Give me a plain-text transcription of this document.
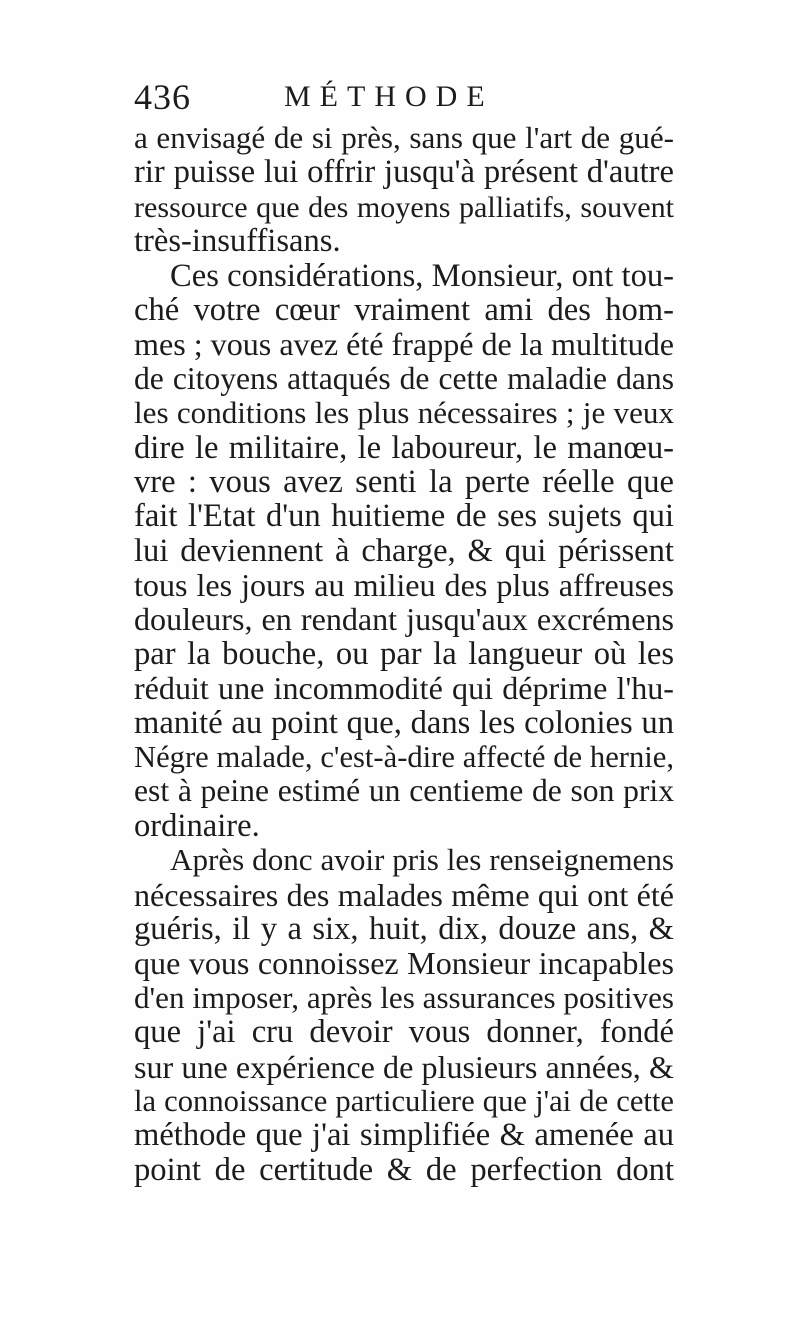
436	MÉTHODE
a envisagé de si près, sans que l'art de gué-
rir puisse lui offrir jusqu'à présent d'autre
ressource que des moyens palliatifs, souvent
très-insuffisans.
Ces considérations, Monsieur, ont tou-
ché votre cœur vraiment ami des hom-
mes ; vous avez été frappé de la multitude
de citoyens attaqués de cette maladie dans
les conditions les plus nécessaires ; je veux
dire le militaire, le laboureur, le manœu-
vre : vous avez senti la perte réelle que
fait l'Etat d'un huitieme de ses sujets qui
lui deviennent à charge, & qui périssent
tous les jours au milieu des plus affreuses
douleurs, en rendant jusqu'aux excrémens
par la bouche, ou par la langueur où les
réduit une incommodité qui déprime l'hu-
manité au point que, dans les colonies un
Négre malade, c'est-à-dire affecté de hernie,
est à peine estimé un centieme de son prix
ordinaire.
Après donc avoir pris les renseignemens
nécessaires des malades même qui ont été
guéris, il y a six, huit, dix, douze ans, &
que vous connoissez Monsieur incapables
d'en imposer, après les assurances positives
que j'ai cru devoir vous donner, fondé
sur une expérience de plusieurs années, &
la connoissance particuliere que j'ai de cette
méthode que j'ai simplifiée & amenée au
point de certitude & de perfection dont
